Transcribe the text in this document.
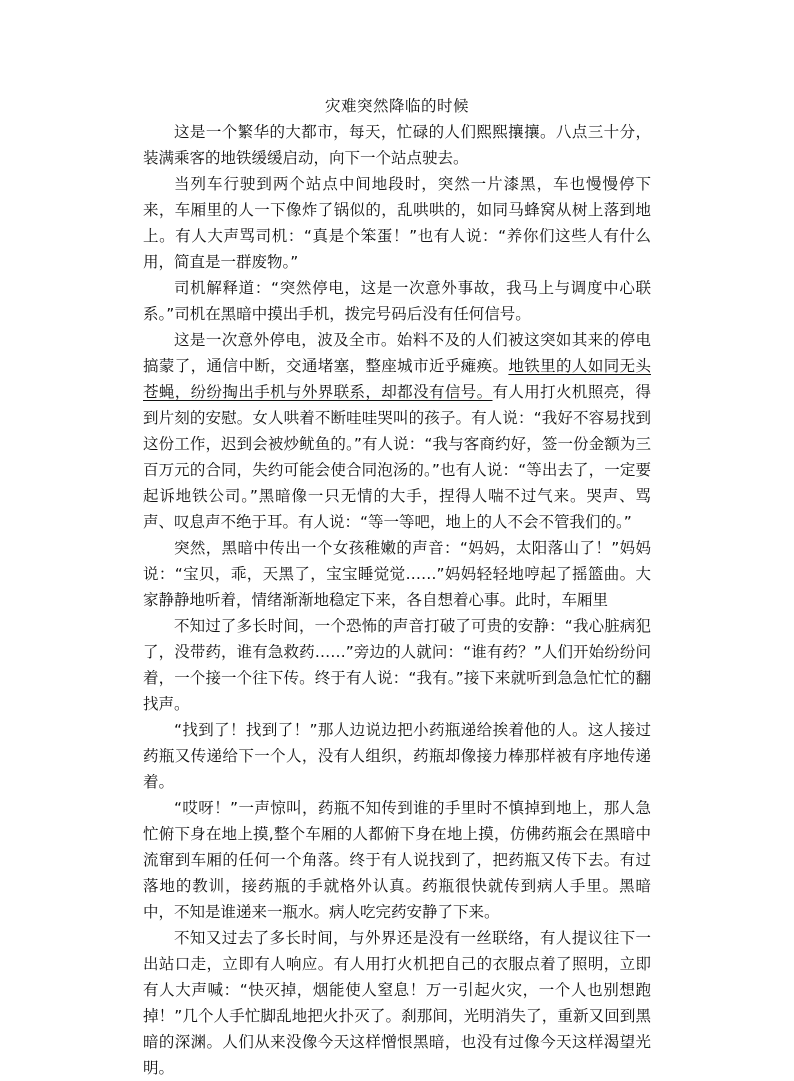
灾难突然降临的时候

这是一个繁华的大都市，每天，忙碌的人们熙熙攘攘。八点三十分，装满乘客的地铁缓缓启动，向下一个站点驶去。

当列车行驶到两个站点中间地段时，突然一片漆黑，车也慢慢停下来，车厢里的人一下像炸了锅似的，乱哄哄的，如同马蜂窝从树上落到地上。有人大声骂司机：“真是个笨蛋！”也有人说：“养你们这些人有什么用，简直是一群废物。”

司机解释道：“突然停电，这是一次意外事故，我马上与调度中心联系。”司机在黑暗中摸出手机，拨完号码后没有任何信号。

这是一次意外停电，波及全市。始料不及的人们被这突如其来的停电搞蒙了，通信中断，交通堵塞，整座城市近乎瘫痪。地铁里的人如同无头苍蝇，纷纷掏出手机与外界联系，却都没有信号。有人用打火机照亮，得到片刻的安慰。女人哄着不断哇哇哭叫的孩子。有人说：“我好不容易找到这份工作，迟到会被炒鱿鱼的。”有人说：“我与客商约好，签一份金额为三百万元的合同，失约可能会使合同泡汤的。”也有人说：“等出去了，一定要起诉地铁公司。”黑暗像一只无情的大手，捏得人喘不过气来。哭声、骂声、叹息声不绝于耳。有人说：“等一等吧，地上的人不会不管我们的。”

突然，黑暗中传出一个女孩稚嫩的声音：“妈妈，太阳落山了！”妈妈说：“宝贝，乖，天黑了，宝宝睡觉觉……”妈妈轻轻地哼起了摇篮曲。大家静静地听着，情绪渐渐地稳定下来，各自想着心事。此时，车厢里

不知过了多长时间，一个恐怖的声音打破了可贵的安静：“我心脏病犯了，没带药，谁有急救药……”旁边的人就问：“谁有药？”人们开始纷纷问着，一个接一个往下传。终于有人说：“我有。”接下来就听到急急忙忙的翻找声。

“找到了！找到了！”那人边说边把小药瓶递给挨着他的人。这人接过药瓶又传递给下一个人，没有人组织，药瓶却像接力棒那样被有序地传递着。

“哎呀！”一声惊叫，药瓶不知传到谁的手里时不慎掉到地上，那人急忙俯下身在地上摸,整个车厢的人都俯下身在地上摸，仿佛药瓶会在黑暗中流窜到车厢的任何一个角落。终于有人说找到了，把药瓶又传下去。有过落地的教训，接药瓶的手就格外认真。药瓶很快就传到病人手里。黑暗中，不知是谁递来一瓶水。病人吃完药安静了下来。

不知又过去了多长时间，与外界还是没有一丝联络，有人提议往下一出站口走，立即有人响应。有人用打火机把自己的衣服点着了照明，立即有人大声喊：“快灭掉，烟能使人窒息！万一引起火灾，一个人也别想跑掉！”几个人手忙脚乱地把火扑灭了。刹那间，光明消失了，重新又回到黑暗的深渊。人们从来没像今天这样憎恨黑暗，也没有过像今天这样渴望光明。
